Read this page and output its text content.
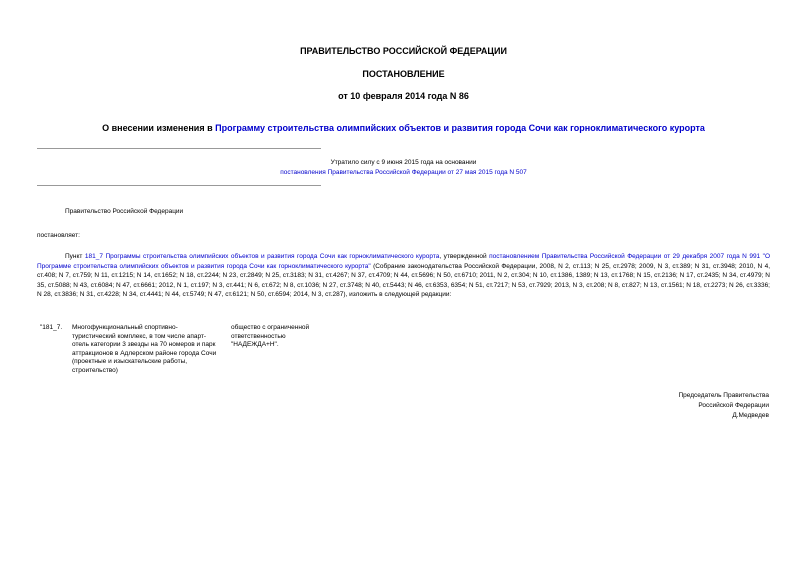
ПРАВИТЕЛЬСТВО РОССИЙСКОЙ ФЕДЕРАЦИИ
ПОСТАНОВЛЕНИЕ
от 10 февраля 2014 года N 86
О внесении изменения в Программу строительства олимпийских объектов и развития города Сочи как горноклиматического курорта
Утратило силу с 9 июня 2015 года на основании
постановления Правительства Российской Федерации от 27 мая 2015 года N 507
Правительство Российской Федерации
постановляет:
Пункт 181_7 Программы строительства олимпийских объектов и развития города Сочи как горноклиматического курорта, утвержденной постановлением Правительства Российской Федерации от 29 декабря 2007 года N 991 "О Программе строительства олимпийских объектов и развития города Сочи как горноклиматического курорта" (Собрание законодательства Российской Федерации, 2008, N 2, ст.113; N 25, ст.2978; 2009, N 3, ст.389; N 31, ст.3948; 2010, N 4, ст.408; N 7, ст.759; N 11, ст.1215; N 14, ст.1652; N 18, ст.2244; N 23, ст.2849; N 25, ст.3183; N 31, ст.4267; N 37, ст.4709; N 44, ст.5696; N 50, ст.6710; 2011, N 2, ст.304; N 10, ст.1386, 1389; N 13, ст.1768; N 15, ст.2136; N 17, ст.2435; N 34, ст.4979; N 35, ст.5088; N 43, ст.6084; N 47, ст.6661; 2012, N 1, ст.197; N 3, ст.441; N 6, ст.672; N 8, ст.1036; N 27, ст.3748; N 40, ст.5443; N 46, ст.6353, 6354; N 51, ст.7217; N 53, ст.7929; 2013, N 3, ст.208; N 8, ст.827; N 13, ст.1561; N 18, ст.2273; N 26, ст.3336; N 28, ст.3836; N 31, ст.4228; N 34, ст.4441; N 44, ст.5749; N 47, ст.6121; N 50, ст.6594; 2014, N 3, ст.287), изложить в следующей редакции:
"181_7.	Многофункциональный спортивно-туристический комплекс, в том числе апарт-отель категории 3 звезды на 70 номеров и парк аттракционов в Адлерском районе города Сочи (проектные и изыскательские работы, строительство)
общество с ограниченной ответственностью "НАДЕЖДА+Н".
Председатель Правительства
Российской Федерации
Д.Медведев
